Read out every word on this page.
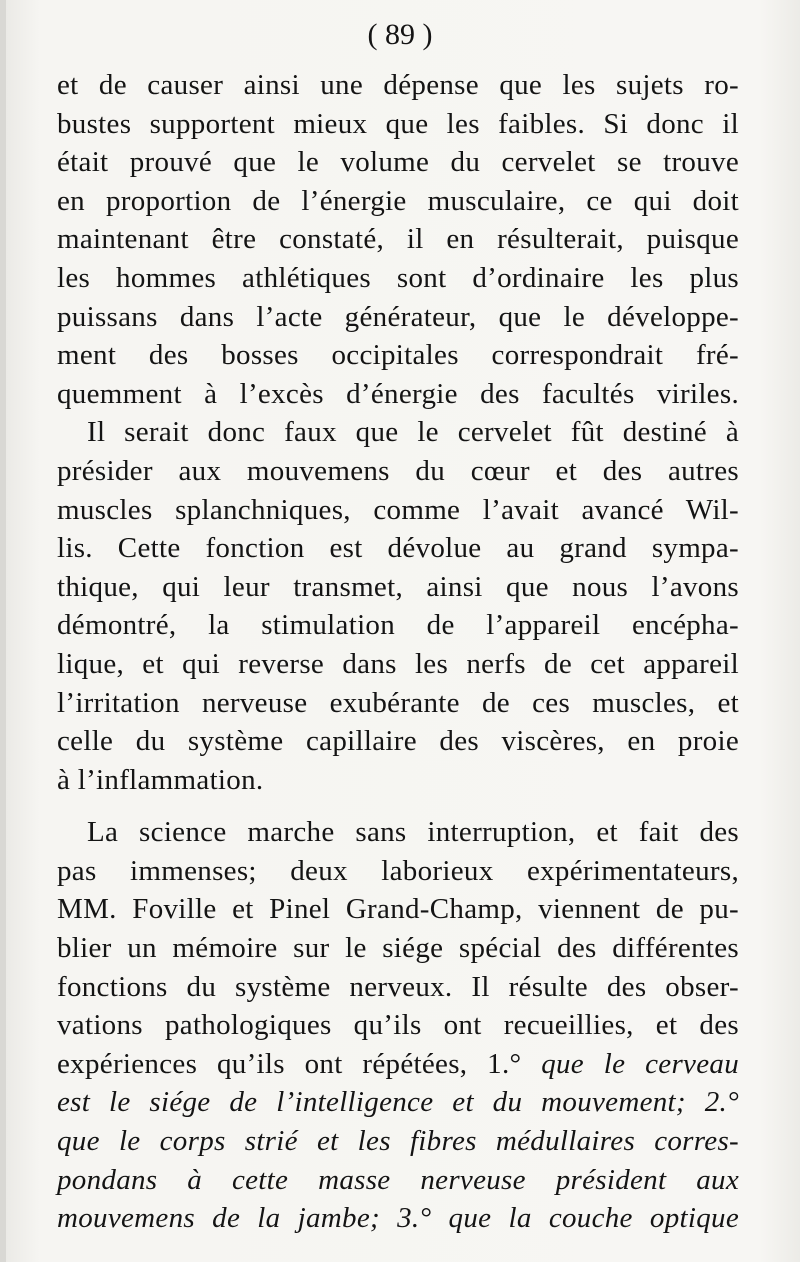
( 89 )
et de causer ainsi une dépense que les sujets ro-
bustes supportent mieux que les faibles. Si donc il
était prouvé que le volume du cervelet se trouve
en proportion de l’énergie musculaire, ce qui doit
maintenant être constaté, il en résulterait, puisque
les hommes athlétiques sont d’ordinaire les plus
puissans dans l’acte générateur, que le développe-
ment des bosses occipitales correspondrait fré-
quemment à l’excès d’énergie des facultés viriles.
Il serait donc faux que le cervelet fût destiné à
présider aux mouvemens du cœur et des autres
muscles splanchniques, comme l’avait avancé Wil-
lis. Cette fonction est dévolue au grand sympa-
thique, qui leur transmet, ainsi que nous l’avons
démontré, la stimulation de l’appareil encépha-
lique, et qui reverse dans les nerfs de cet appareil
l’irritation nerveuse exubérante de ces muscles, et
celle du système capillaire des viscères, en proie
à l’inflammation.
La science marche sans interruption, et fait des
pas immenses; deux laborieux expérimentateurs,
MM. Foville et Pinel Grand-Champ, viennent de pu-
blier un mémoire sur le siége spécial des différentes
fonctions du système nerveux. Il résulte des obser-
vations pathologiques qu’ils ont recueillies, et des
expériences qu’ils ont répétées, 1.° que le cerveau
est le siége de l’intelligence et du mouvement; 2.°
que le corps strié et les fibres médullaires corres-
pondans à cette masse nerveuse président aux
mouvemens de la jambe; 3.° que la couche optique
